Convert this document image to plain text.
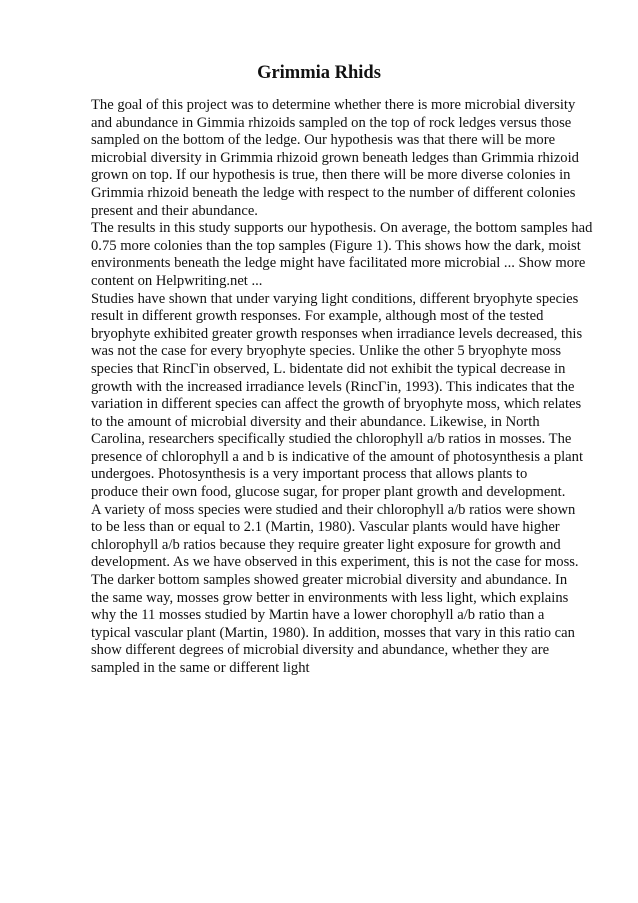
Grimmia Rhids

The goal of this project was to determine whether there is more microbial diversity
and abundance in Gimmia rhizoids sampled on the top of rock ledges versus those
sampled on the bottom of the ledge. Our hypothesis was that there will be more
microbial diversity in Grimmia rhizoid grown beneath ledges than Grimmia rhizoid
grown on top. If our hypothesis is true, then there will be more diverse colonies in
Grimmia rhizoid beneath the ledge with respect to the number of different colonies
present and their abundance.

The results in this study supports our hypothesis. On average, the bottom samples had
0.75 more colonies than the top samples (Figure 1). This shows how the dark, moist
environments beneath the ledge might have facilitated more microbial ... Show more
content on Helpwriting.net ...

Studies have shown that under varying light conditions, different bryophyte species
result in different growth responses. For example, although most of the tested
bryophyte exhibited greater growth responses when irradiance levels decreased, this
was not the case for every bryophyte species. Unlike the other 5 bryophyte moss
species that RincГіn observed, L. bidentate did not exhibit the typical decrease in
growth with the increased irradiance levels (RincГіn, 1993). This indicates that the
variation in different species can affect the growth of bryophyte moss, which relates
to the amount of microbial diversity and their abundance. Likewise, in North
Carolina, researchers specifically studied the chlorophyll a/b ratios in mosses. The
presence of chlorophyll a and b is indicative of the amount of photosynthesis a plant
undergoes. Photosynthesis is a very important process that allows plants to
produce their own food, glucose sugar, for proper plant growth and development.

A variety of moss species were studied and their chlorophyll a/b ratios were shown
to be less than or equal to 2.1 (Martin, 1980). Vascular plants would have higher
chlorophyll a/b ratios because they require greater light exposure for growth and
development. As we have observed in this experiment, this is not the case for moss.
The darker bottom samples showed greater microbial diversity and abundance. In
the same way, mosses grow better in environments with less light, which explains
why the 11 mosses studied by Martin have a lower chorophyll a/b ratio than a
typical vascular plant (Martin, 1980). In addition, mosses that vary in this ratio can
show different degrees of microbial diversity and abundance, whether they are
sampled in the same or different light
